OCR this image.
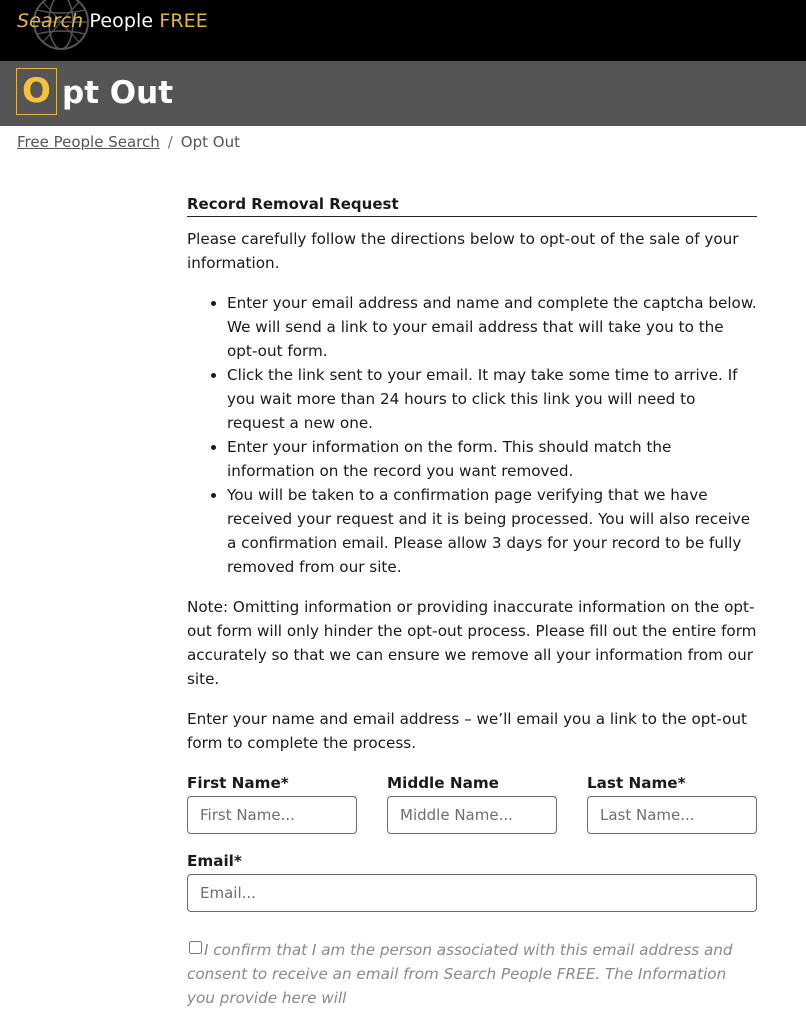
Search People FREE
O pt Out
Free People Search / Opt Out
Record Removal Request

Please carefully follow the directions below to opt-out of the sale of your information.

• Enter your email address and name and complete the captcha below. We will send a link to your email address that will take you to the opt-out form.
• Click the link sent to your email. It may take some time to arrive. If you wait more than 24 hours to click this link you will need to request a new one.
• Enter your information on the form. This should match the information on the record you want removed.
• You will be taken to a confirmation page verifying that we have received your request and it is being processed. You will also receive a confirmation email. Please allow 3 days for your record to be fully removed from our site.

Note: Omitting information or providing inaccurate information on the opt-out form will only hinder the opt-out process. Please fill out the entire form accurately so that we can ensure we remove all your information from our site.

Enter your name and email address – we’ll email you a link to the opt-out form to complete the process.

First Name*
First Name...	Middle Name
Middle Name...	Last Name*
Last Name...
Email*
Email...
I confirm that I am the person associated with this email address and consent to receive an email from Search People FREE. The Information you provide here will
